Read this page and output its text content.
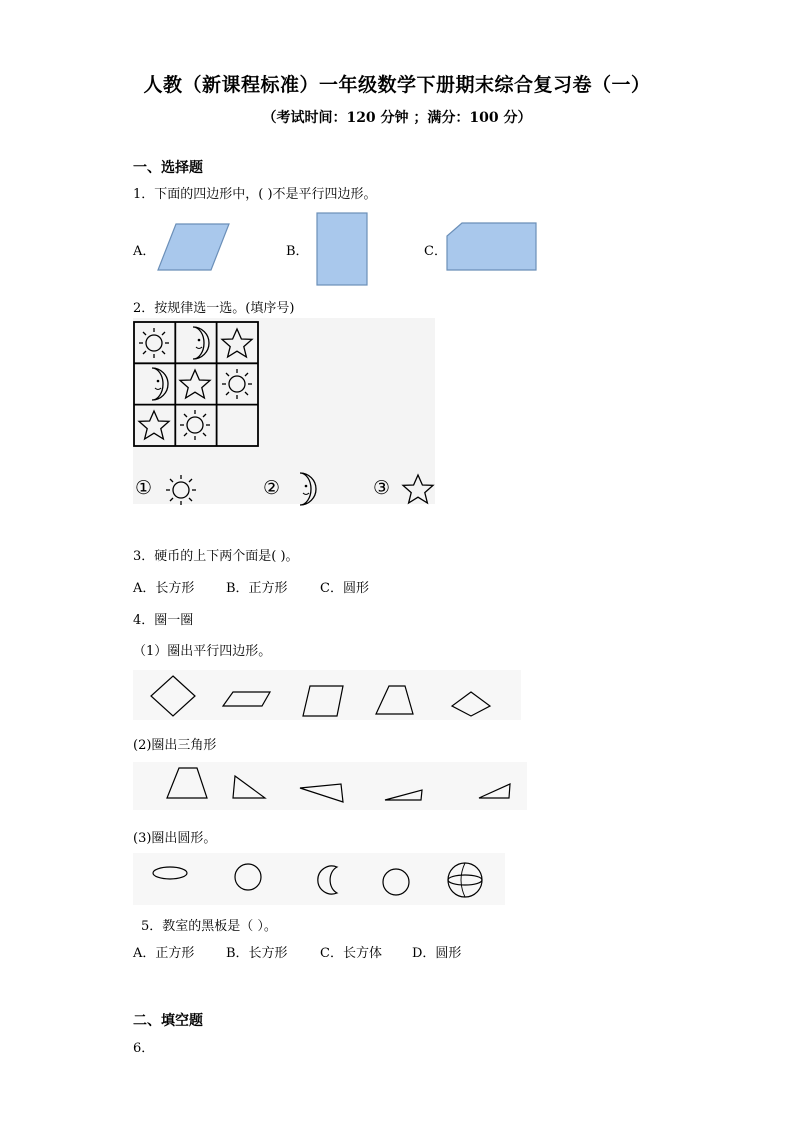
人教（新课程标准）一年级数学下册期末综合复习卷（一）
（考试时间：120 分钟 ；满分：100 分）
一、选择题
1．下面的四边形中，( )不是平行四边形。
A．	B．	C．
2．按规律选一选。(填序号)
①	②	③
3．硬币的上下两个面是( )。
A．长方形 B．正方形 C．圆形
4．圈一圈
（1）圈出平行四边形。
(2)圈出三角形
(3)圈出圆形。
5．教室的黑板是（ ）。
A．正方形 B．长方形 C．长方体 D．圆形
二、填空题
6．
